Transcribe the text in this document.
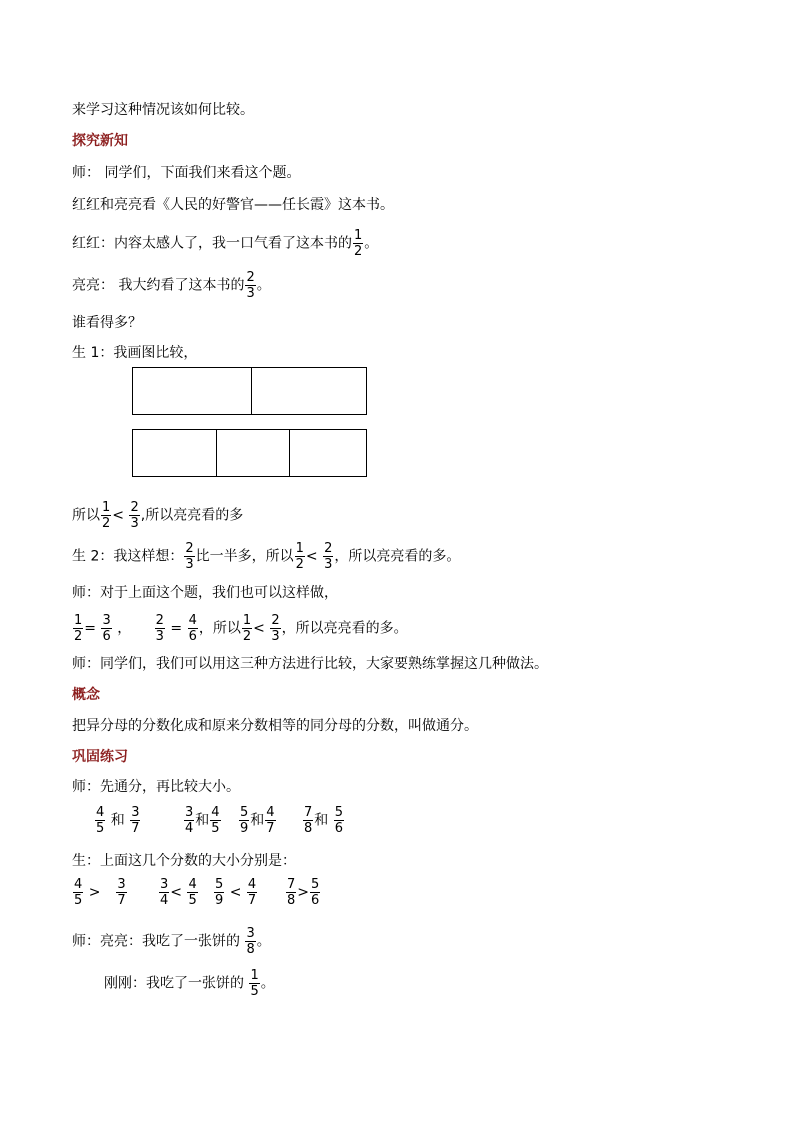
来学习这种情况该如何比较。
探究新知
师： 同学们，下面我们来看这个题。
红红和亮亮看《人民的好警官——任长霞》这本书。
红红：内容太感人了，我一口气看了这本书的 $\frac{1}{2}$ 。
亮亮： 我大约看了这本书的 $\frac{2}{3}$ 。
谁看得多？
生 1：我画图比较，
所以 $\frac{1}{2} < \frac{2}{3}$ ,所以亮亮看的多
生 2：我这样想： $\frac{2}{3}$ 比一半多，所以 $\frac{1}{2} < \frac{2}{3}$ ，所以亮亮看的多。
师：对于上面这个题，我们也可以这样做，
$\frac{1}{2} = \frac{3}{6}$ ， $\frac{2}{3} = \frac{4}{6}$ ，所以 $\frac{1}{2} < \frac{2}{3}$ ，所以亮亮看的多。
师：同学们，我们可以用这三种方法进行比较，大家要熟练掌握这几种做法。
概念
把异分母的分数化成和原来分数相等的同分母的分数，叫做通分。
巩固练习
师：先通分，再比较大小。
$\frac{4}{5}$ 和 $\frac{3}{7}$	$\frac{3}{4}$ 和 $\frac{4}{5} \frac{5}{9}$ 和 $\frac{4}{7} \frac{7}{8}$ 和 $\frac{5}{6}$
生：上面这几个分数的大小分别是：
$\frac{4}{5} > \frac{3}{7} \frac{3}{4} < \frac{4}{5} \frac{5}{9} < \frac{4}{7} \frac{7}{8} > \frac{5}{6}$
师：亮亮：我吃了一张饼的 $\frac{3}{8}$ 。
刚刚：我吃了一张饼的 $\frac{1}{5}$ 。
